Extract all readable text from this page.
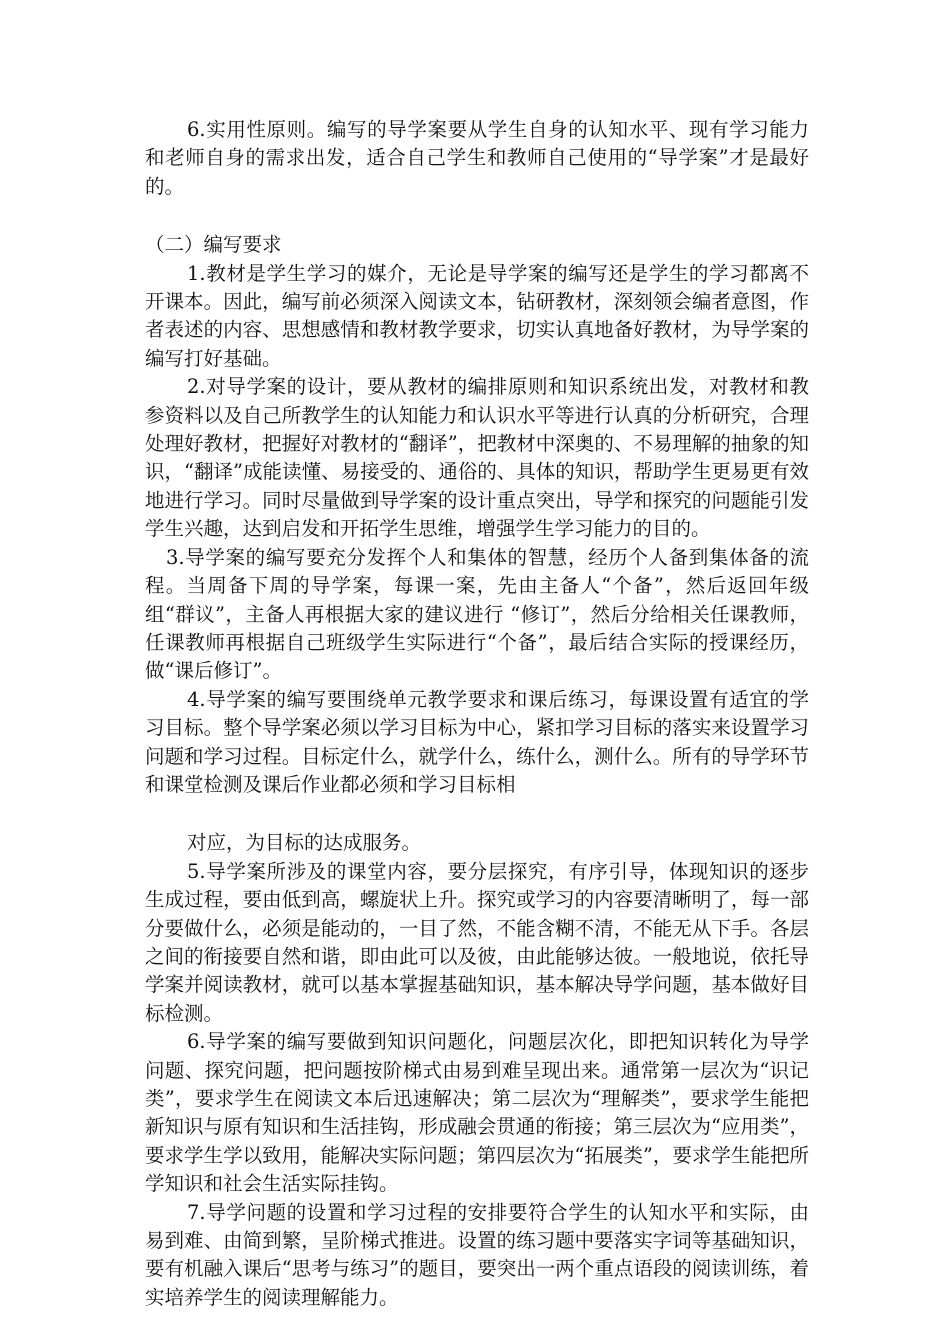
6.实用性原则。编写的导学案要从学生自身的认知水平、现有学习能力和老师自身的需求出发，适合自己学生和教师自己使用的“导学案”才是最好的。

（二）编写要求

1.教材是学生学习的媒介，无论是导学案的编写还是学生的学习都离不开课本。因此，编写前必须深入阅读文本，钻研教材，深刻领会编者意图，作者表述的内容、思想感情和教材教学要求，切实认真地备好教材，为导学案的编写打好基础。

2.对导学案的设计，要从教材的编排原则和知识系统出发，对教材和教参资料以及自己所教学生的认知能力和认识水平等进行认真的分析研究，合理处理好教材，把握好对教材的“翻译”，把教材中深奥的、不易理解的抽象的知识，“翻译”成能读懂、易接受的、通俗的、具体的知识，帮助学生更易更有效地进行学习。同时尽量做到导学案的设计重点突出，导学和探究的问题能引发学生兴趣，达到启发和开拓学生思维，增强学生学习能力的目的。

3.导学案的编写要充分发挥个人和集体的智慧，经历个人备到集体备的流程。当周备下周的导学案，每课一案，先由主备人“个备”，然后返回年级组“群议”，主备人再根据大家的建议进行 “修订”，然后分给相关任课教师，任课教师再根据自己班级学生实际进行“个备”，最后结合实际的授课经历，做“课后修订”。

4.导学案的编写要围绕单元教学要求和课后练习，每课设置有适宜的学习目标。整个导学案必须以学习目标为中心，紧扣学习目标的落实来设置学习问题和学习过程。目标定什么，就学什么，练什么，测什么。所有的导学环节和课堂检测及课后作业都必须和学习目标相

对应，为目标的达成服务。

5.导学案所涉及的课堂内容，要分层探究，有序引导，体现知识的逐步生成过程，要由低到高，螺旋状上升。探究或学习的内容要清晰明了，每一部分要做什么，必须是能动的，一目了然，不能含糊不清，不能无从下手。各层之间的衔接要自然和谐，即由此可以及彼，由此能够达彼。一般地说，依托导学案并阅读教材，就可以基本掌握基础知识，基本解决导学问题，基本做好目标检测。

6.导学案的编写要做到知识问题化，问题层次化，即把知识转化为导学问题、探究问题，把问题按阶梯式由易到难呈现出来。通常第一层次为“识记类”，要求学生在阅读文本后迅速解决；第二层次为“理解类”，要求学生能把新知识与原有知识和生活挂钩，形成融会贯通的衔接；第三层次为“应用类”，要求学生学以致用，能解决实际问题；第四层次为“拓展类”，要求学生能把所学知识和社会生活实际挂钩。

7.导学问题的设置和学习过程的安排要符合学生的认知水平和实际，由易到难、由简到繁，呈阶梯式推进。设置的练习题中要落实字词等基础知识，要有机融入课后“思考与练习”的题目，要突出一两个重点语段的阅读训练，着实培养学生的阅读理解能力。
